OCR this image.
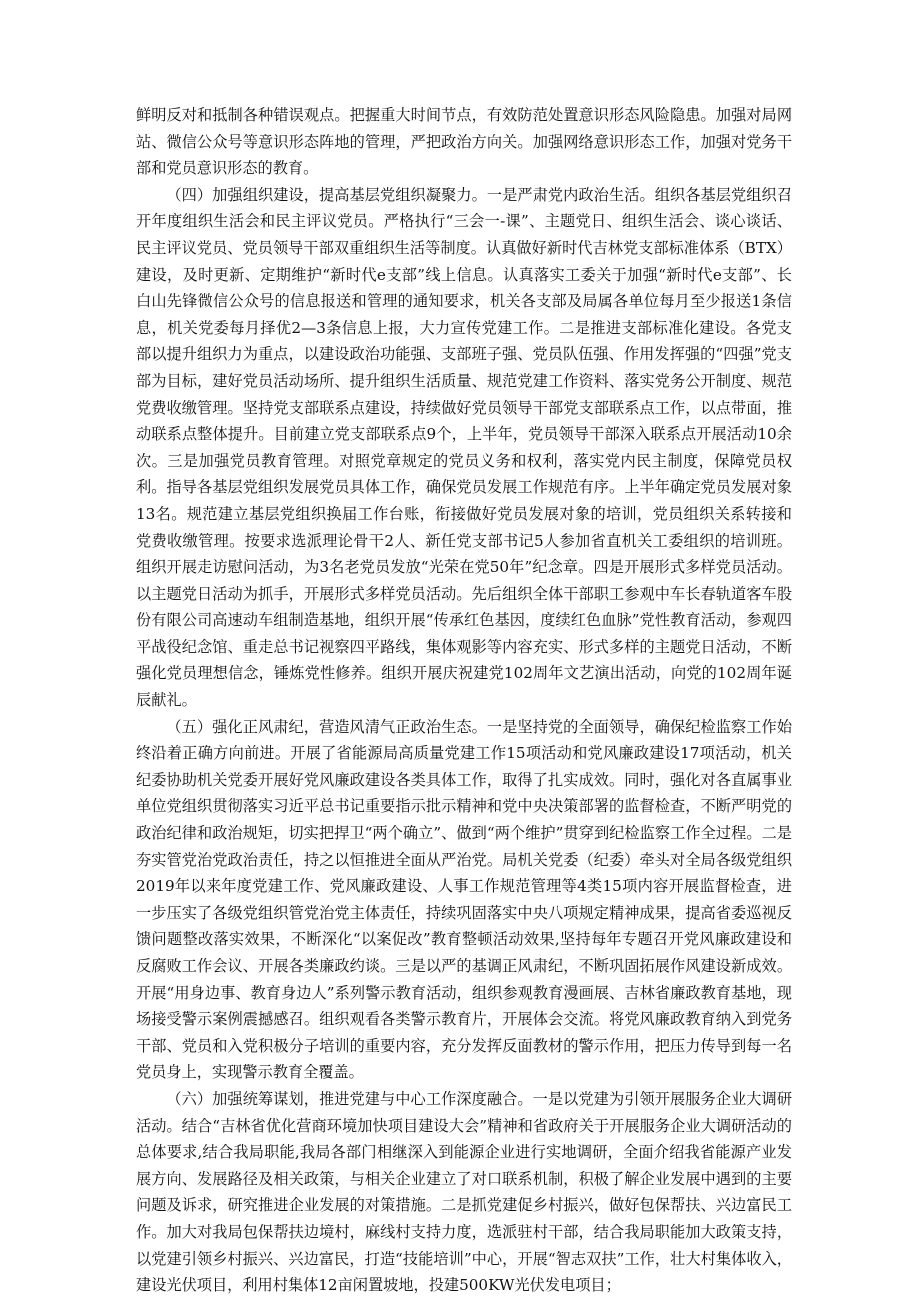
鲜明反对和抵制各种错误观点。把握重大时间节点，有效防范处置意识形态风险隐患。加强对局网站、微信公众号等意识形态阵地的管理，严把政治方向关。加强网络意识形态工作，加强对党务干部和党员意识形态的教育。

（四）加强组织建设，提高基层党组织凝聚力。一是严肃党内政治生活。组织各基层党组织召开年度组织生活会和民主评议党员。严格执行“三会一-课”、主题党日、组织生活会、谈心谈话、民主评议党员、党员领导干部双重组织生活等制度。认真做好新时代吉林党支部标准体系（BTX）建设，及时更新、定期维护“新时代e支部”线上信息。认真落实工委关于加强“新时代e支部”、长白山先锋微信公众号的信息报送和管理的通知要求，机关各支部及局属各单位每月至少报送1条信息，机关党委每月择优2—3条信息上报，大力宣传党建工作。二是推进支部标准化建设。各党支部以提升组织力为重点，以建设政治功能强、支部班子强、党员队伍强、作用发挥强的“四强”党支部为目标，建好党员活动场所、提升组织生活质量、规范党建工作资料、落实党务公开制度、规范党费收缴管理。坚持党支部联系点建设，持续做好党员领导干部党支部联系点工作，以点带面，推动联系点整体提升。目前建立党支部联系点9个，上半年，党员领导干部深入联系点开展活动10余次。三是加强党员教育管理。对照党章规定的党员义务和权利，落实党内民主制度，保障党员权利。指导各基层党组织发展党员具体工作，确保党员发展工作规范有序。上半年确定党员发展对象13名。规范建立基层党组织换届工作台账，衔接做好党员发展对象的培训，党员组织关系转接和党费收缴管理。按要求选派理论骨干2人、新任党支部书记5人参加省直机关工委组织的培训班。组织开展走访慰问活动，为3名老党员发放“光荣在党50年”纪念章。四是开展形式多样党员活动。以主题党日活动为抓手，开展形式多样党员活动。先后组织全体干部职工参观中车长春轨道客车股份有限公司高速动车组制造基地，组织开展“传承红色基因，度续红色血脉”党性教育活动，参观四平战役纪念馆、重走总书记视察四平路线，集体观影等内容充实、形式多样的主题党日活动，不断强化党员理想信念，锤炼党性修养。组织开展庆祝建党102周年文艺演出活动，向党的102周年诞辰献礼。

（五）强化正风肃纪，营造风清气正政治生态。一是坚持党的全面领导，确保纪检监察工作始终沿着正确方向前进。开展了省能源局高质量党建工作15项活动和党风廉政建设17项活动，机关纪委协助机关党委开展好党风廉政建设各类具体工作，取得了扎实成效。同时，强化对各直属事业单位党组织贯彻落实习近平总书记重要指示批示精神和党中央决策部署的监督检查，不断严明党的政治纪律和政治规矩，切实把捍卫“两个确立”、做到“两个维护”贯穿到纪检监察工作全过程。二是夯实管党治党政治责任，持之以恒推进全面从严治党。局机关党委（纪委）牵头对全局各级党组织2019年以来年度党建工作、党风廉政建设、人事工作规范管理等4类15项内容开展监督检查，进一步压实了各级党组织管党治党主体责任，持续巩固落实中央八项规定精神成果，提高省委巡视反馈问题整改落实效果，不断深化“以案促改”教育整顿活动效果,坚持每年专题召开党风廉政建设和反腐败工作会议、开展各类廉政约谈。三是以严的基调正风肃纪，不断巩固拓展作风建设新成效。开展“用身边事、教育身边人”系列警示教育活动，组织参观教育漫画展、吉林省廉政教育基地，现场接受警示案例震撼感召。组织观看各类警示教育片，开展体会交流。将党风廉政教育纳入到党务干部、党员和入党积极分子培训的重要内容，充分发挥反面教材的警示作用，把压力传导到每一名党员身上，实现警示教育全覆盖。

（六）加强统筹谋划，推进党建与中心工作深度融合。一是以党建为引领开展服务企业大调研活动。结合“吉林省优化营商环境加快项目建设大会”精神和省政府关于开展服务企业大调研活动的总体要求,结合我局职能,我局各部门相继深入到能源企业进行实地调研，全面介绍我省能源产业发展方向、发展路径及相关政策，与相关企业建立了对口联系机制，积极了解企业发展中遇到的主要问题及诉求，研究推进企业发展的对策措施。二是抓党建促乡村振兴，做好包保帮扶、兴边富民工作。加大对我局包保帮扶边境村，麻线村支持力度，选派驻村干部，结合我局职能加大政策支持，以党建引领乡村振兴、兴边富民，打造“技能培训”中心，开展“智志双扶”工作，壮大村集体收入，建设光伏项目，利用村集体12亩闲置坡地，投建500KW光伏发电项目；
